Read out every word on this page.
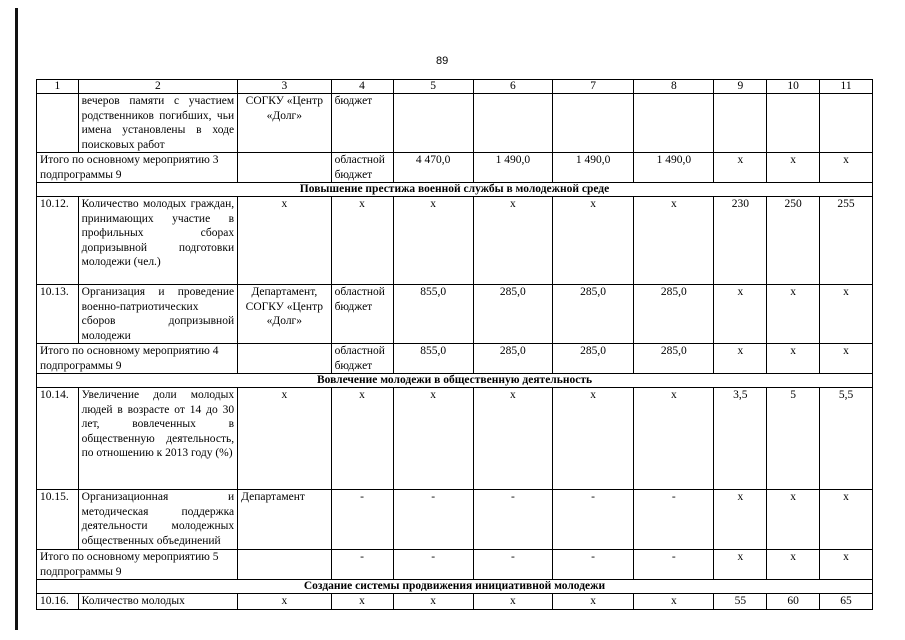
89
1	2	3	4	5	6	7	8	9	10	11
	вечеров памяти с участием родственников погибших, чьи имена установлены в ходе поисковых работ	СОГКУ «Центр «Долг»	бюджет							
Итого по основному мероприятию 3 подпрограммы 9			областной бюджет	4 470,0	1 490,0	1 490,0	1 490,0	х	х	х
Повышение престижа военной службы в молодежной среде										
10.12.	Количество молодых граждан, принимающих участие в профильных сборах допризывной подготовки молодежи (чел.)	х	х	х	х	х	х	230	250	255
10.13.	Организация и проведение военно-патриотических сборов допризывной молодежи	Департамент, СОГКУ «Центр «Долг»	областной бюджет	855,0	285,0	285,0	285,0	х	х	х
Итого по основному мероприятию 4 подпрограммы 9			областной бюджет	855,0	285,0	285,0	285,0	х	х	х
Вовлечение молодежи в общественную деятельность										
10.14.	Увеличение доли молодых людей в возрасте от 14 до 30 лет, вовлеченных в общественную деятельность, по отношению к 2013 году (%)	х	х	х	х	х	х	3,5	5	5,5
10.15.	Организационная и методическая поддержка деятельности молодежных общественных объединений	Департамент	-	-	-	-	-	х	х	х
Итого по основному мероприятию 5 подпрограммы 9			-	-	-	-	-	х	х	х
Создание системы продвижения инициативной молодежи										
10.16.	Количество молодых	х	х	х	х	х	х	55	60	65
